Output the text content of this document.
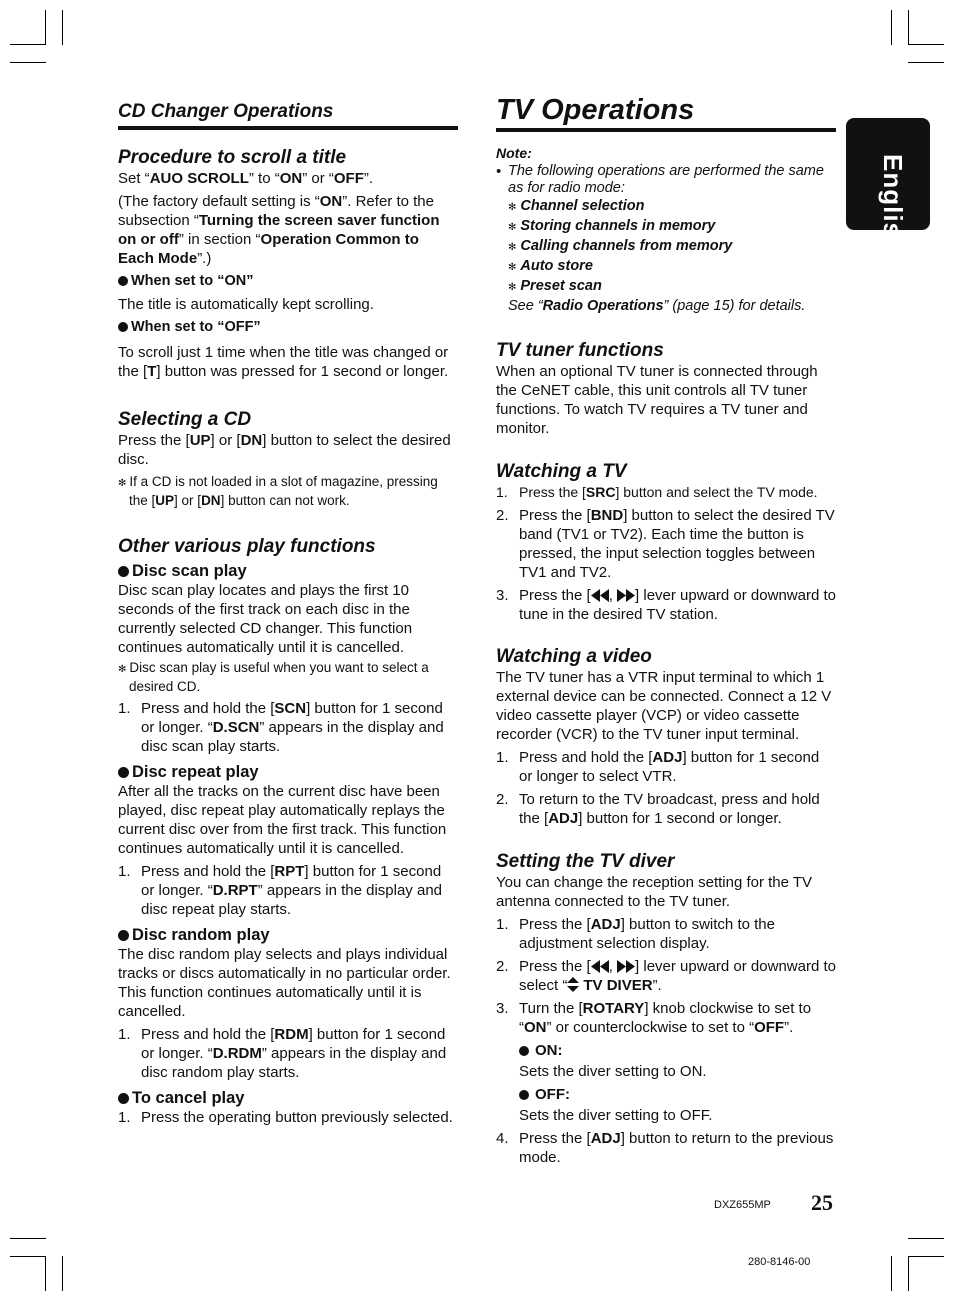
English
CD Changer Operations
Procedure to scroll a title

Set “AUO SCROLL” to “ON” or “OFF”.

(The factory default setting is “ON”. Refer to the subsection “Turning the screen saver function on or off” in section “Operation Common to Each Mode”.)

When set to “ON”

The title is automatically kept scrolling.

When set to “OFF”

To scroll just 1 time when the title was changed or the [T] button was pressed for 1 second or longer.

Selecting a CD

Press the [UP] or [DN] button to select the desired disc.

✻ If a CD is not loaded in a slot of magazine, pressing the [UP] or [DN] button can not work.

Other various play functions

Disc scan play

Disc scan play locates and plays the first 10 seconds of the first track on each disc in the currently selected CD changer. This function continues automatically until it is cancelled.

✻ Disc scan play is useful when you want to select a desired CD.

1. Press and hold the [SCN] button for 1 second or longer. “D.SCN” appears in the display and disc scan play starts.

Disc repeat play

After all the tracks on the current disc have been played, disc repeat play automatically replays the current disc over from the first track. This function continues automatically until it is cancelled.

1. Press and hold the [RPT] button for 1 second or longer. “D.RPT” appears in the display and disc repeat play starts.

Disc random play

The disc random play selects and plays individual tracks or discs automatically in no particular order. This function continues automatically until it is cancelled.

1. Press and hold the [RDM] button for 1 second or longer. “D.RDM” appears in the display and disc random play starts.

To cancel play

1. Press the operating button previously selected.
TV Operations

Note:

• The following operations are performed the same as for radio mode:

✻ Channel selection

✻ Storing channels in memory

✻ Calling channels from memory

✻ Auto store

✻ Preset scan

See “Radio Operations” (page 15) for details.

TV tuner functions

When an optional TV tuner is connected through the CeNET cable, this unit controls all TV tuner functions. To watch TV requires a TV tuner and monitor.

Watching a TV
1. Press the [SRC] button and select the TV mode.
2. Press the [BND] button to select the desired TV band (TV1 or TV2). Each time the button is pressed, the input selection toggles between TV1 and TV2.
3. Press the [ , ] lever upward or downward to tune in the desired TV station.
Watching a video

The TV tuner has a VTR input terminal to which 1 external device can be connected. Connect a 12 V video cassette player (VCP) or video cassette recorder (VCR) to the TV tuner input terminal.

1. Press and hold the [ADJ] button for 1 second or longer to select VTR.
2. To return to the TV broadcast, press and hold the [ADJ] button for 1 second or longer.
Setting the TV diver

You can change the reception setting for the TV antenna connected to the TV tuner.

1. Press the [ADJ] button to switch to the adjustment selection display.
2. Press the [ , ] lever upward or downward to select “ TV DIVER”.
3. Turn the [ROTARY] knob clockwise to set to “ON” or counterclockwise to set to “OFF”.

ON:

Sets the diver setting to ON.

OFF:

Sets the diver setting to OFF.

4. Press the [ADJ] button to return to the previous mode.
DXZ655MP 25
280-8146-00
